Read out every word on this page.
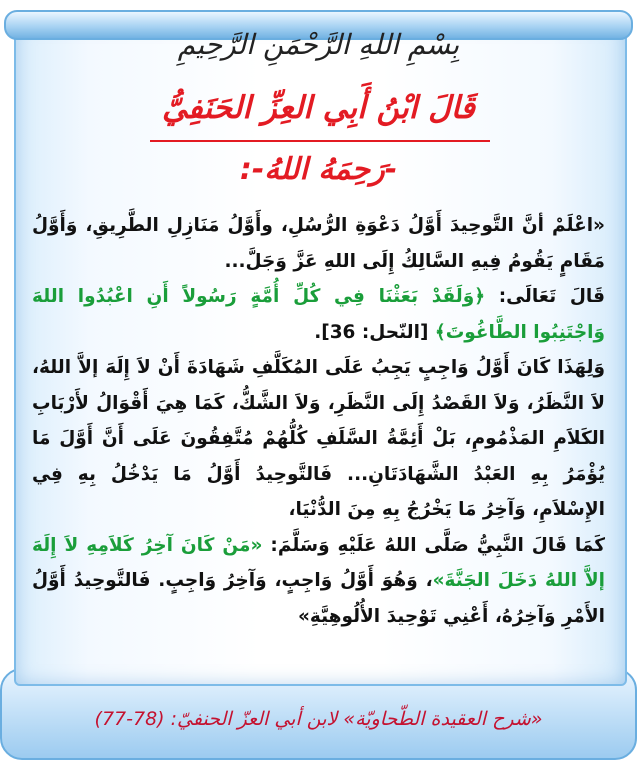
بِسْمِ اللهِ الرَّحْمَنِ الرَّحِيمِ
قَالَ ابْنُ أَبِي العِزِّ الحَنَفِيُّ
-رَحِمَهُ اللهُ-:

«اعْلَمْ أنَّ التَّوحِيدَ أَوَّلُ دَعْوَةِ الرُّسُلِ، وأَوَّلُ مَنَازِلِ الطَّرِيقِ، وَأَوَّلُ مَقَامٍ يَقُومُ فِيهِ السَّالِكُ إِلَى اللهِ عَزَّ وَجَلَّ...

قَالَ تَعَالَى: ﴿وَلَقَدْ بَعَثْنَا فِي كُلِّ أُمَّةٍ رَسُولاً أَنِ اعْبُدُوا اللهَ وَاجْتَنِبُوا الطَّاغُوتَ﴾ [النّحل: 36].

وَلِهَذَا كَانَ أَوَّلُ وَاجِبٍ يَجِبُ عَلَى المُكَلَّفِ شَهَادَةَ أَنْ لاَ إِلَهَ إلاَّ اللهُ، لاَ النَّظَرُ، وَلاَ القَصْدُ إِلَى النَّظَرِ، وَلاَ الشَّكُّ، كَمَا هِيَ أَقْوَالُ لأَرْبَابِ الكَلاَمِ المَذْمُومِ، بَلْ أَئِمَّةُ السَّلَفِ كُلُّهُمْ مُتَّفِقُونَ عَلَى أَنَّ أَوَّلَ مَا يُؤْمَرُ بِهِ العَبْدُ الشَّهَادَتَانِ... فَالتَّوحِيدُ أَوَّلُ مَا يَدْخُلُ بِهِ فِي الإِسْلاَمِ، وَآخِرُ مَا يَخْرُجُ بِهِ مِنَ الدُّنْيَا،

كَمَا قَالَ النَّبِيُّ صَلَّى اللهُ عَلَيْهِ وَسَلَّمَ: «مَنْ كَانَ آخِرُ كَلاَمِهِ لاَ إِلَهَ إلاَّ اللهُ دَخَلَ الجَنَّةَ»، وَهُوَ أَوَّلُ وَاجِبٍ، وَآخِرُ وَاجِبٍ. فَالتَّوحِيدُ أَوَّلُ الأَمْرِ وَآخِرُهُ، أَعْنِي تَوْحِيدَ الأُلُوهِيَّةِ»

«شرح العقيدة الطّحاويّة» لابن أبي العزّ الحنفيّ: (77-78)
